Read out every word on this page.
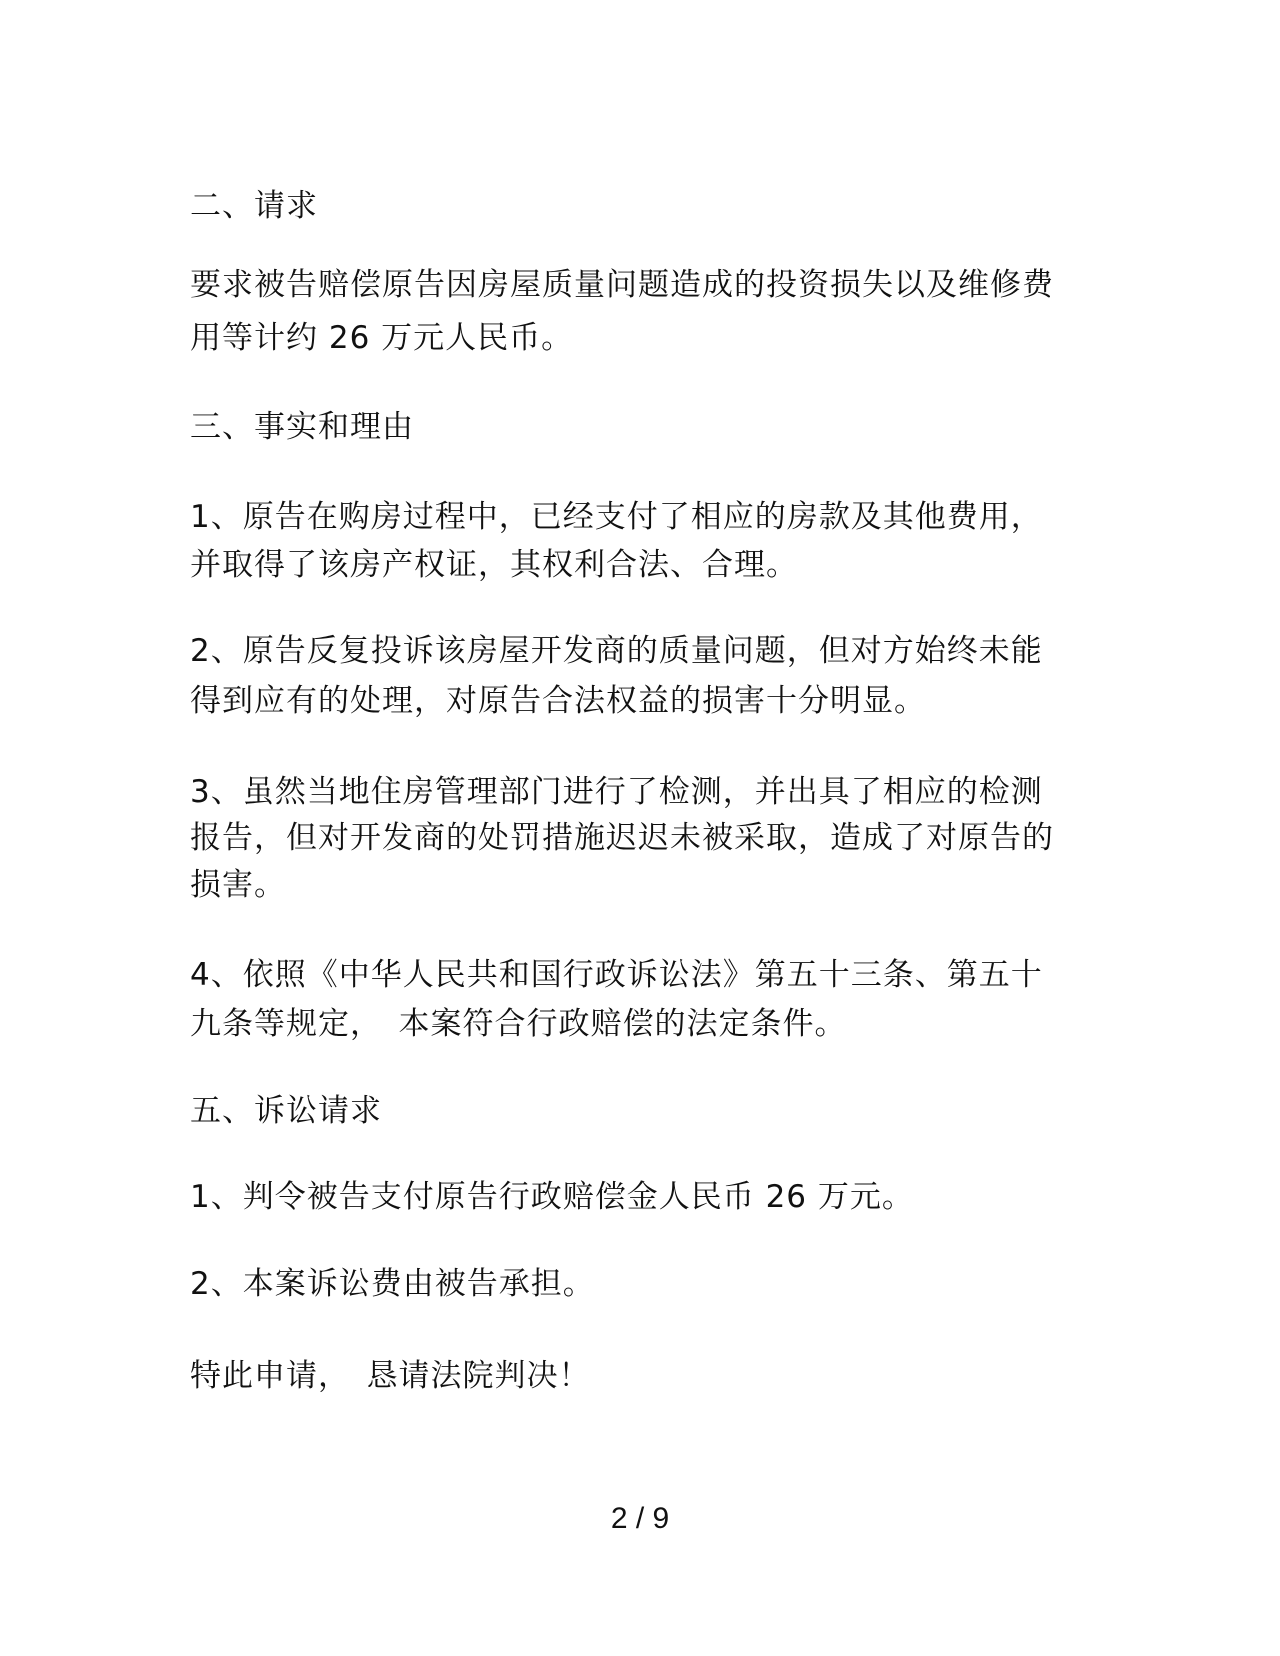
二、请求
要求被告赔偿原告因房屋质量问题造成的投资损失以及维修费
用等计约 26 万元人民币。
三、事实和理由
1、原告在购房过程中，已经支付了相应的房款及其他费用，
并取得了该房产权证，其权利合法、合理。
2、原告反复投诉该房屋开发商的质量问题，但对方始终未能
得到应有的处理，对原告合法权益的损害十分明显。
3、虽然当地住房管理部门进行了检测，并出具了相应的检测
报告，但对开发商的处罚措施迟迟未被采取，造成了对原告的
损害。
4、依照《中华人民共和国行政诉讼法》第五十三条、第五十
九条等规定，　本案符合行政赔偿的法定条件。
五、诉讼请求
1、判令被告支付原告行政赔偿金人民币 26 万元。
2、本案诉讼费由被告承担。
特此申请，　恳请法院判决！
2 / 9
